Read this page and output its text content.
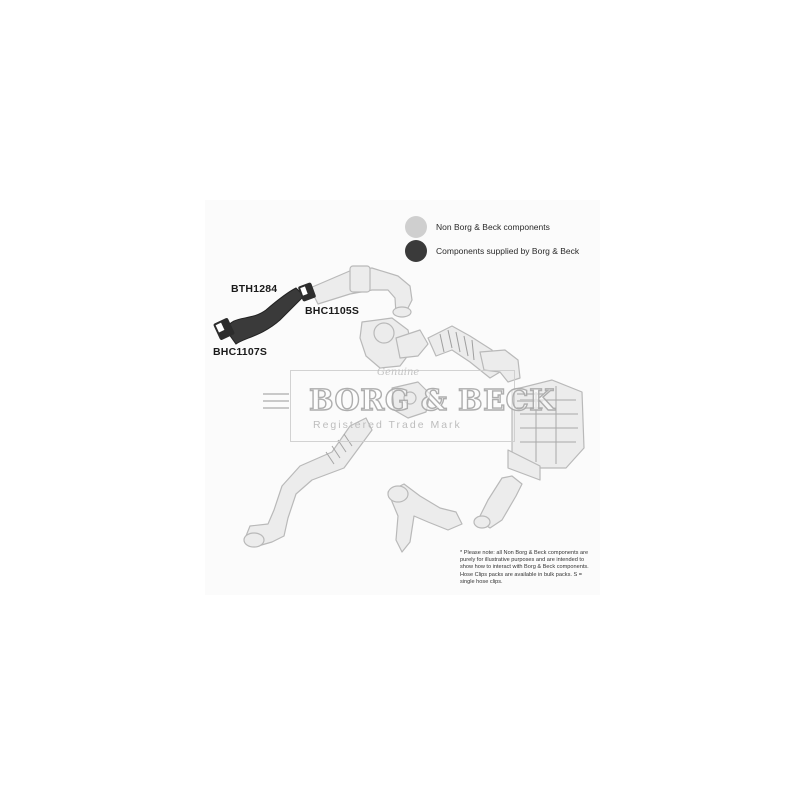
Non Borg & Beck components
Components supplied by Borg & Beck
BTH1284
BHC1105S
BHC1107S
Genuine
BORG & BECK
Registered Trade Mark
* Please note: all Non Borg & Beck components are purely for illustrative purposes and are intended to show how to interact with Borg & Beck components. Hose Clips packs are available in bulk packs. S = single hose clips.
